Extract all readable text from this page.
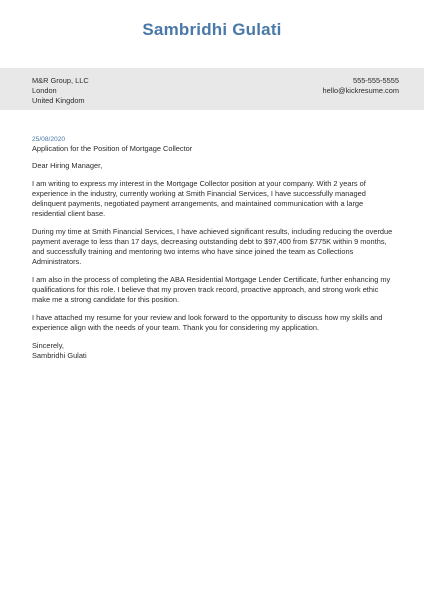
Sambridhi Gulati
M&R Group, LLC
London
United Kingdom
555-555-5555
hello@kickresume.com
25/08/2020
Application for the Position of Mortgage Collector
Dear Hiring Manager,
I am writing to express my interest in the Mortgage Collector position at your company. With 2 years of experience in the industry, currently working at Smith Financial Services, I have successfully managed delinquent payments, negotiated payment arrangements, and maintained communication with a large residential client base.
During my time at Smith Financial Services, I have achieved significant results, including reducing the overdue payment average to less than 17 days, decreasing outstanding debt to $97,400 from $775K within 9 months, and successfully training and mentoring two interns who have since joined the team as Collections Administrators.
I am also in the process of completing the ABA Residential Mortgage Lender Certificate, further enhancing my qualifications for this role. I believe that my proven track record, proactive approach, and strong work ethic make me a strong candidate for this position.
I have attached my resume for your review and look forward to the opportunity to discuss how my skills and experience align with the needs of your team. Thank you for considering my application.
Sincerely,
Sambridhi Gulati
